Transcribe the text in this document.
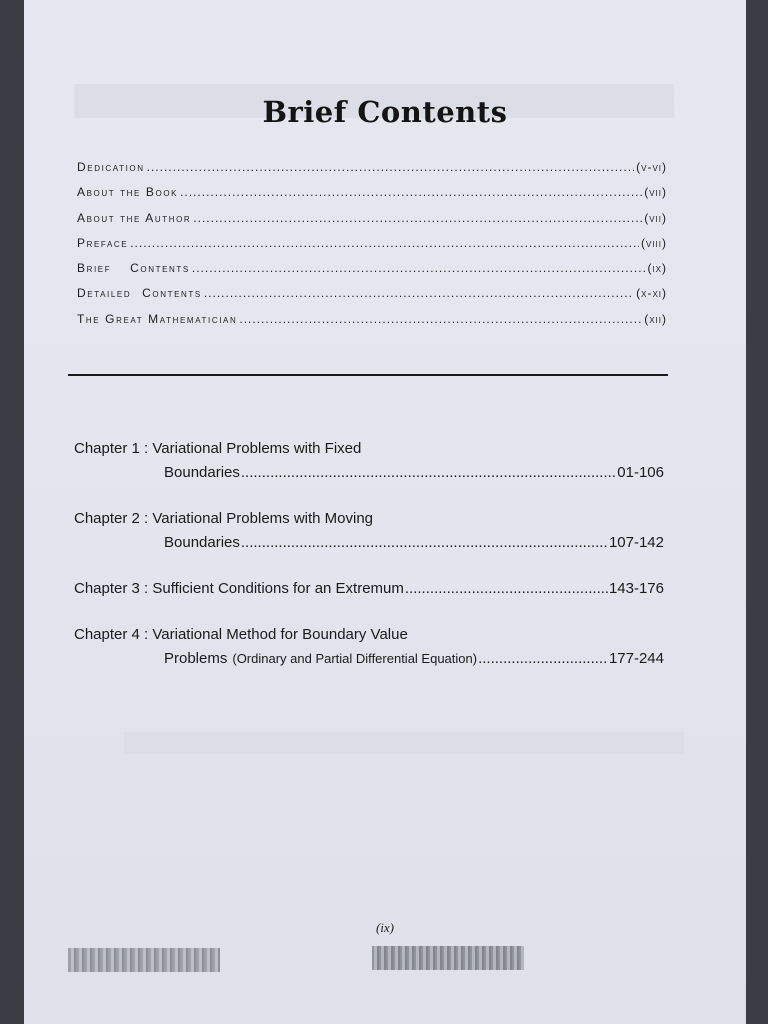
Brief Contents
Dedication .....	(v-vi)
About the Book .....	(vii)
About the Author .....	(vii)
Preface .....	(viii)
Brief Contents .....	(ix)
Detailed Contents .....	(x-xi)
The Great Mathematician .....	(xii)
Chapter 1 : Variational Problems with Fixed
Boundaries .....	01-106
Chapter 2 : Variational Problems with Moving
Boundaries .....	107-142
Chapter 3 : Sufficient Conditions for an Extremum .....	143-176
Chapter 4 : Variational Method for Boundary Value
Problems (Ordinary and Partial Differential Equation) .....	177-244
(ix)
